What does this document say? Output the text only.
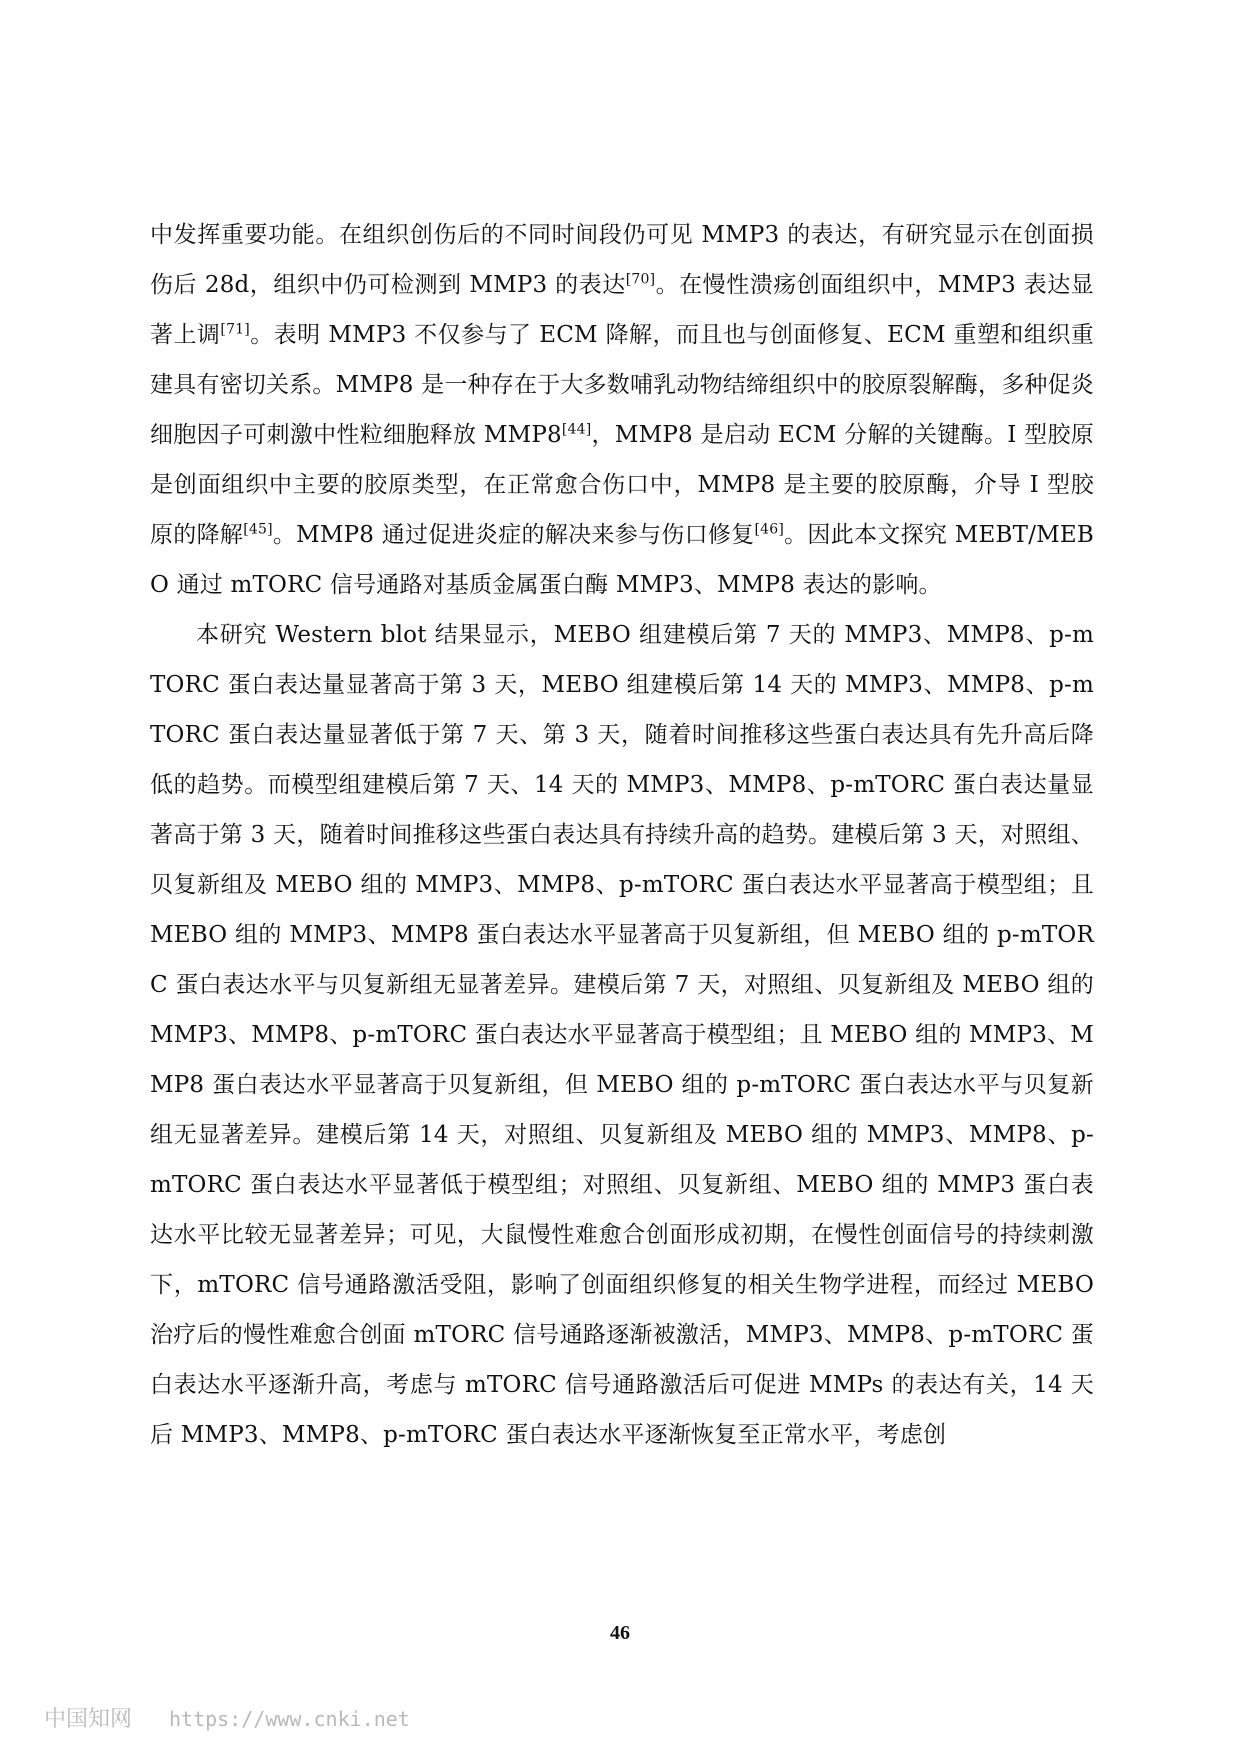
中发挥重要功能。在组织创伤后的不同时间段仍可见 MMP3 的表达，有研究显示在创面损伤后 28d，组织中仍可检测到 MMP3 的表达[70]。在慢性溃疡创面组织中，MMP3 表达显著上调[71]。表明 MMP3 不仅参与了 ECM 降解，而且也与创面修复、ECM 重塑和组织重建具有密切关系。MMP8 是一种存在于大多数哺乳动物结缔组织中的胶原裂解酶，多种促炎细胞因子可刺激中性粒细胞释放 MMP8[44]，MMP8 是启动 ECM 分解的关键酶。I 型胶原是创面组织中主要的胶原类型，在正常愈合伤口中，MMP8 是主要的胶原酶，介导 I 型胶原的降解[45]。MMP8 通过促进炎症的解决来参与伤口修复[46]。因此本文探究 MEBT/MEBO 通过 mTORC 信号通路对基质金属蛋白酶 MMP3、MMP8 表达的影响。

本研究 Western blot 结果显示，MEBO 组建模后第 7 天的 MMP3、MMP8、p-mTORC 蛋白表达量显著高于第 3 天，MEBO 组建模后第 14 天的 MMP3、MMP8、p-mTORC 蛋白表达量显著低于第 7 天、第 3 天，随着时间推移这些蛋白表达具有先升高后降低的趋势。而模型组建模后第 7 天、14 天的 MMP3、MMP8、p-mTORC 蛋白表达量显著高于第 3 天，随着时间推移这些蛋白表达具有持续升高的趋势。建模后第 3 天，对照组、贝复新组及 MEBO 组的 MMP3、MMP8、p-mTORC 蛋白表达水平显著高于模型组；且 MEBO 组的 MMP3、MMP8 蛋白表达水平显著高于贝复新组，但 MEBO 组的 p-mTORC 蛋白表达水平与贝复新组无显著差异。建模后第 7 天，对照组、贝复新组及 MEBO 组的 MMP3、MMP8、p-mTORC 蛋白表达水平显著高于模型组；且 MEBO 组的 MMP3、MMP8 蛋白表达水平显著高于贝复新组，但 MEBO 组的 p-mTORC 蛋白表达水平与贝复新组无显著差异。建模后第 14 天，对照组、贝复新组及 MEBO 组的 MMP3、MMP8、p-mTORC 蛋白表达水平显著低于模型组；对照组、贝复新组、MEBO 组的 MMP3 蛋白表达水平比较无显著差异；可见，大鼠慢性难愈合创面形成初期，在慢性创面信号的持续刺激下，mTORC 信号通路激活受阻，影响了创面组织修复的相关生物学进程，而经过 MEBO 治疗后的慢性难愈合创面 mTORC 信号通路逐渐被激活，MMP3、MMP8、p-mTORC 蛋白表达水平逐渐升高，考虑与 mTORC 信号通路激活后可促进 MMPs 的表达有关，14 天后 MMP3、MMP8、p-mTORC 蛋白表达水平逐渐恢复至正常水平，考虑创

46
中国知网 https://www.cnki.net
